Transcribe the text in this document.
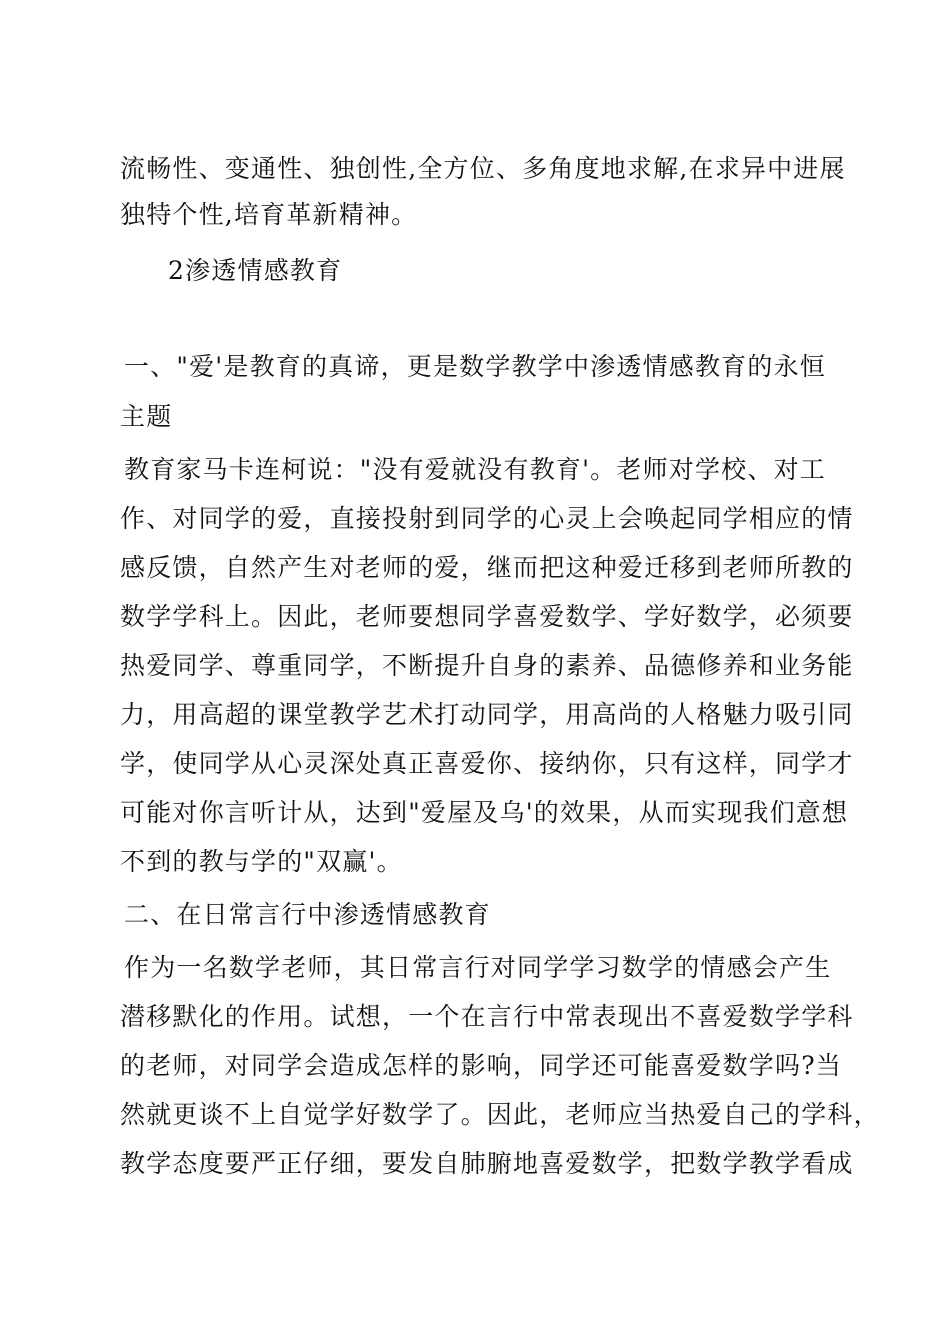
流畅性、变通性、独创性,全方位、多角度地求解,在求异中进展
独特个性,培育革新精神。
2渗透情感教育
一、"爱'是教育的真谛，更是数学教学中渗透情感教育的永恒
主题
教育家马卡连柯说："没有爱就没有教育'。老师对学校、对工
作、对同学的爱，直接投射到同学的心灵上会唤起同学相应的情
感反馈，自然产生对老师的爱，继而把这种爱迁移到老师所教的
数学学科上。因此，老师要想同学喜爱数学、学好数学，必须要
热爱同学、尊重同学，不断提升自身的素养、品德修养和业务能
力，用高超的课堂教学艺术打动同学，用高尚的人格魅力吸引同
学，使同学从心灵深处真正喜爱你、接纳你，只有这样，同学才
可能对你言听计从，达到"爱屋及乌'的效果，从而实现我们意想
不到的教与学的"双赢'。
二、在日常言行中渗透情感教育
作为一名数学老师，其日常言行对同学学习数学的情感会产生
潜移默化的作用。试想，一个在言行中常表现出不喜爱数学学科
的老师，对同学会造成怎样的影响，同学还可能喜爱数学吗?当
然就更谈不上自觉学好数学了。因此，老师应当热爱自己的学科，
教学态度要严正仔细，要发自肺腑地喜爱数学，把数学教学看成
